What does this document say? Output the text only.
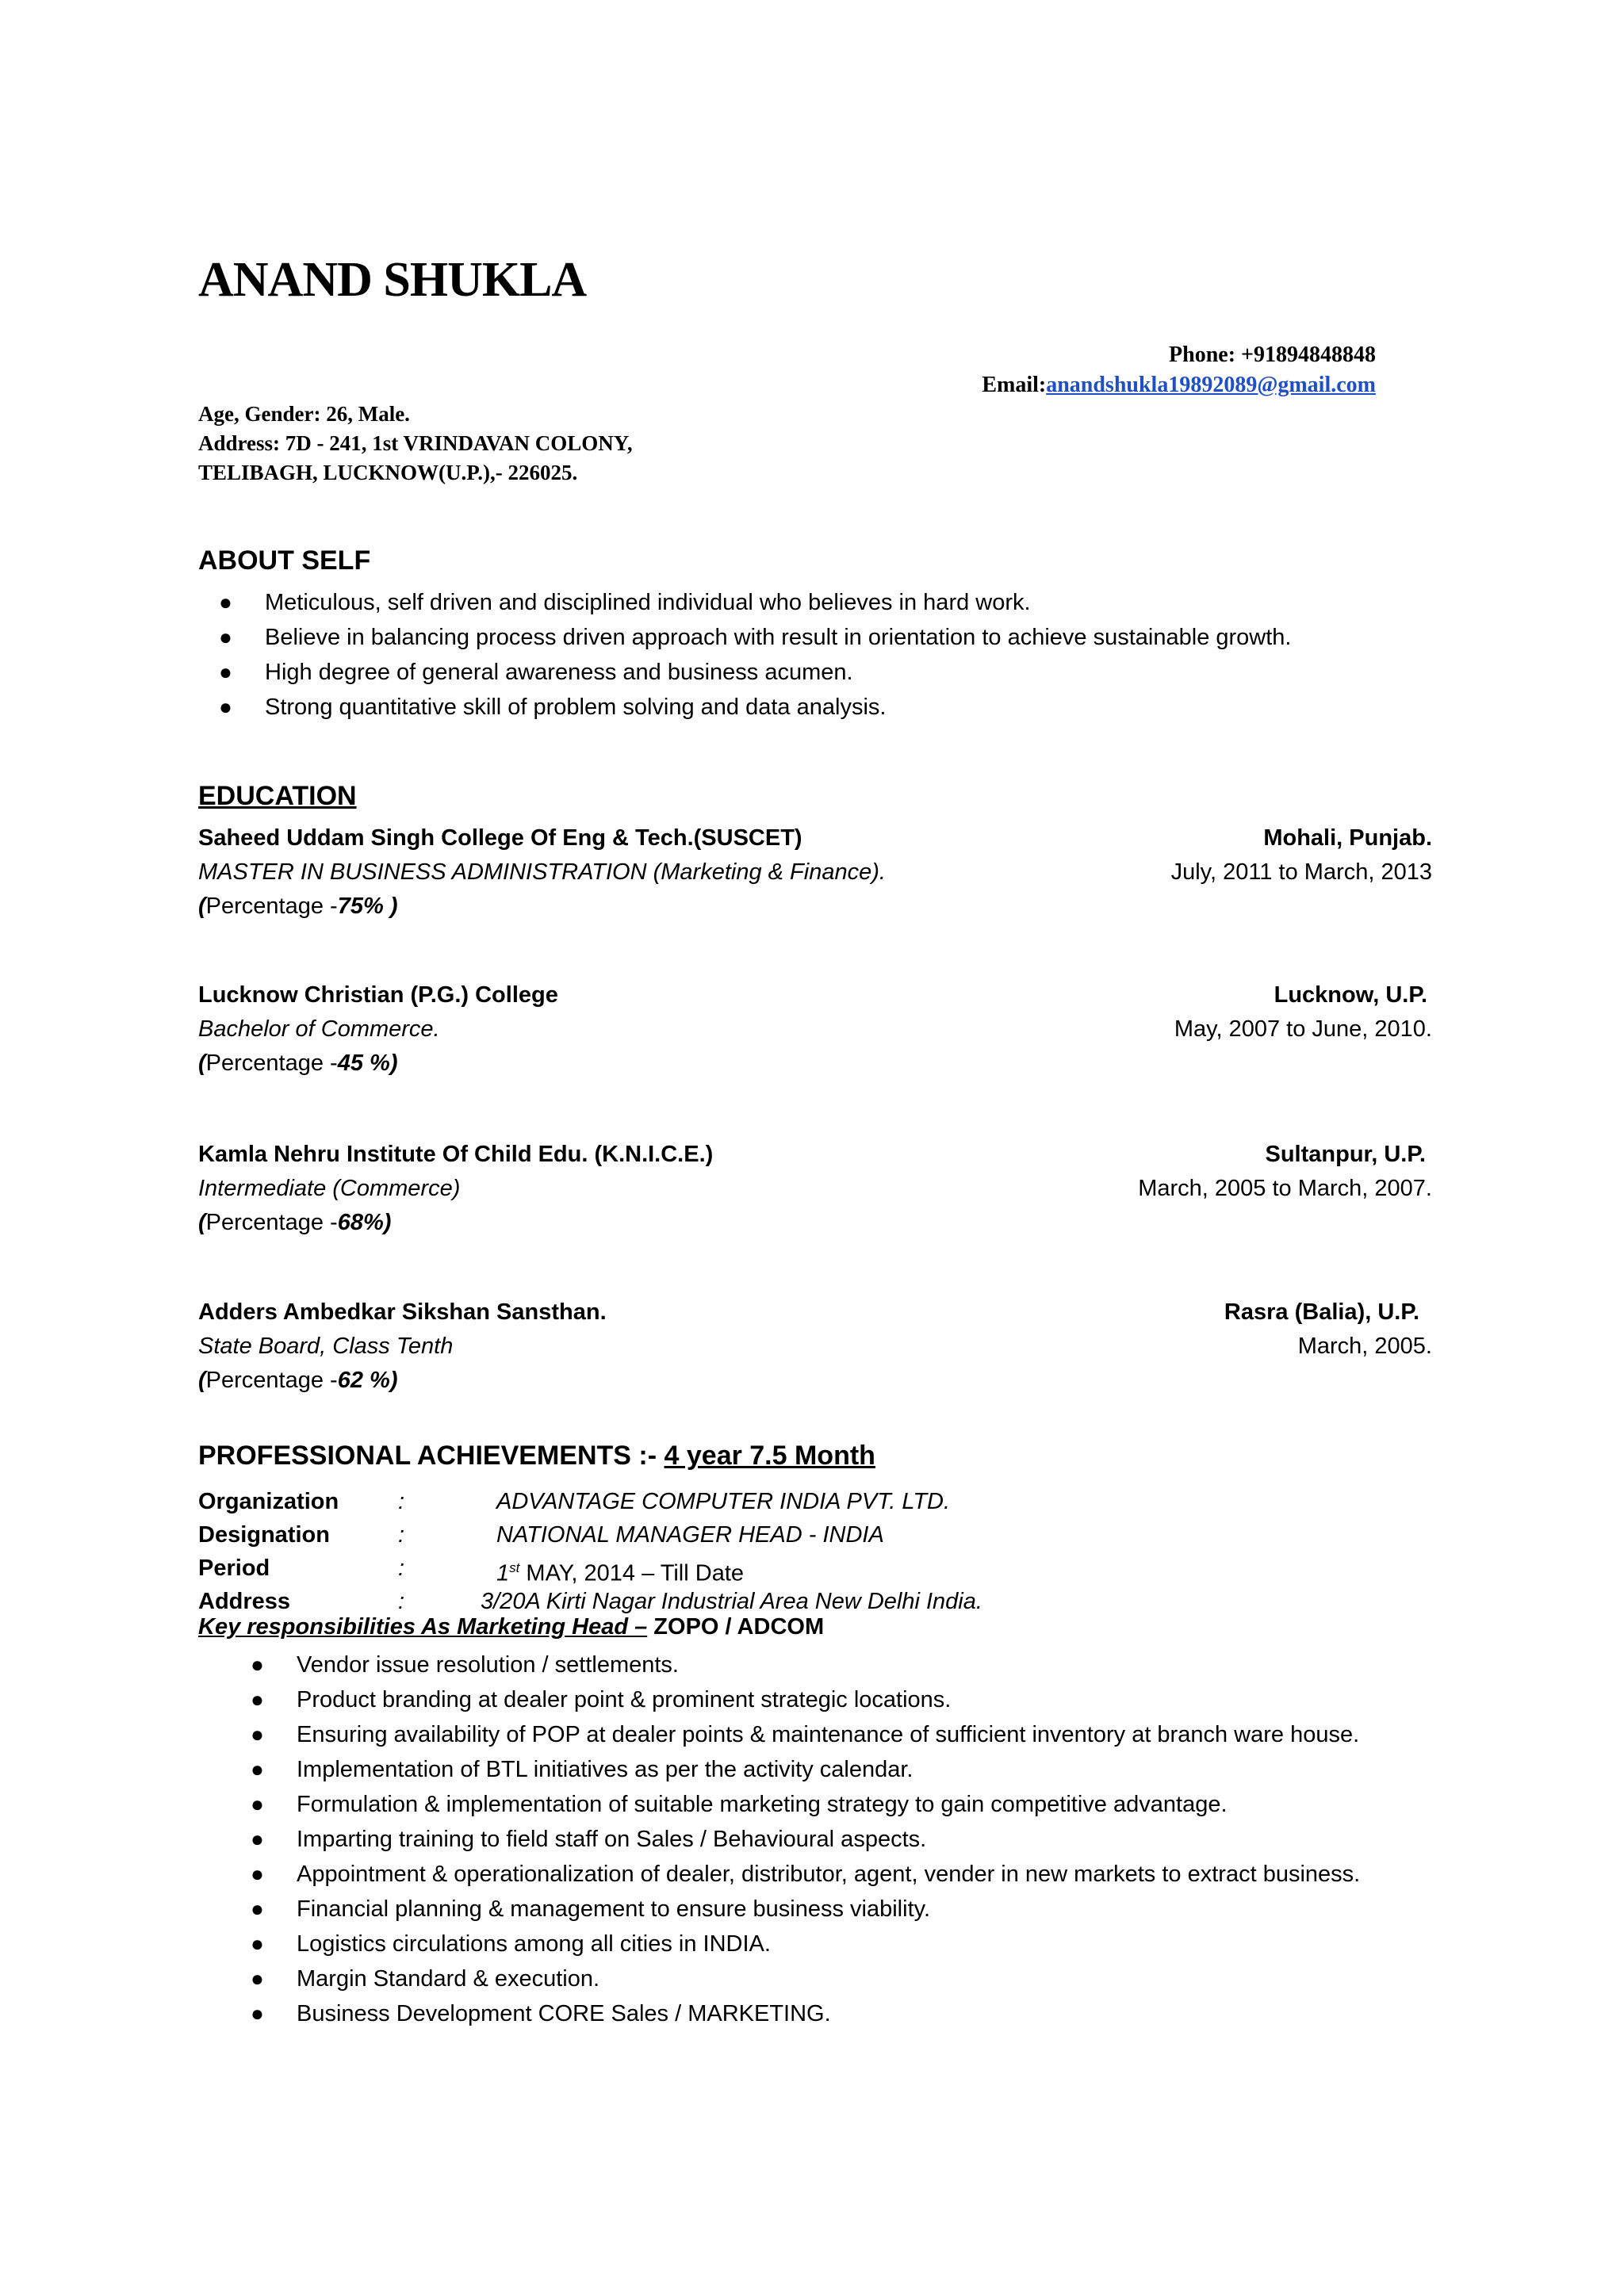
ANAND SHUKLA
Phone: +91894848848
Email:anandshukla19892089@gmail.com
Age, Gender: 26, Male.
Address: 7D - 241, 1st VRINDAVAN COLONY,
TELIBAGH, LUCKNOW(U.P.),- 226025.
ABOUT SELF
● Meticulous, self driven and disciplined individual who believes in hard work.
● Believe in balancing process driven approach with result in orientation to achieve sustainable growth.
● High degree of general awareness and business acumen.
● Strong quantitative skill of problem solving and data analysis.
EDUCATION
Saheed Uddam Singh College Of Eng & Tech.(SUSCET)	Mohali, Punjab.
MASTER IN BUSINESS ADMINISTRATION (Marketing & Finance).	July, 2011 to March, 2013
(Percentage -75% )
Lucknow Christian (P.G.) College	Lucknow, U.P.
Bachelor of Commerce.	May, 2007 to June, 2010.
(Percentage -45 %)
Kamla Nehru Institute Of Child Edu. (K.N.I.C.E.)	Sultanpur, U.P.
Intermediate (Commerce)	March, 2005 to March, 2007.
(Percentage -68%)
Adders Ambedkar Sikshan Sansthan.	Rasra (Balia), U.P.
State Board, Class Tenth	March, 2005.
(Percentage -62 %)
PROFESSIONAL ACHIEVEMENTS :- 4 year 7.5 Month
Organization	:	ADVANTAGE COMPUTER INDIA PVT. LTD.
Designation	:	NATIONAL MANAGER HEAD - INDIA
Period	:	1st MAY, 2014 – Till Date
Address	:	3/20A Kirti Nagar Industrial Area New Delhi India.
Key responsibilities As Marketing Head – ZOPO / ADCOM
● Vendor issue resolution / settlements.
● Product branding at dealer point & prominent strategic locations.
● Ensuring availability of POP at dealer points & maintenance of sufficient inventory at branch ware house.
● Implementation of BTL initiatives as per the activity calendar.
● Formulation & implementation of suitable marketing strategy to gain competitive advantage.
● Imparting training to field staff on Sales / Behavioural aspects.
● Appointment & operationalization of dealer, distributor, agent, vender in new markets to extract business.
● Financial planning & management to ensure business viability.
● Logistics circulations among all cities in INDIA.
● Margin Standard & execution.
● Business Development CORE Sales / MARKETING.
